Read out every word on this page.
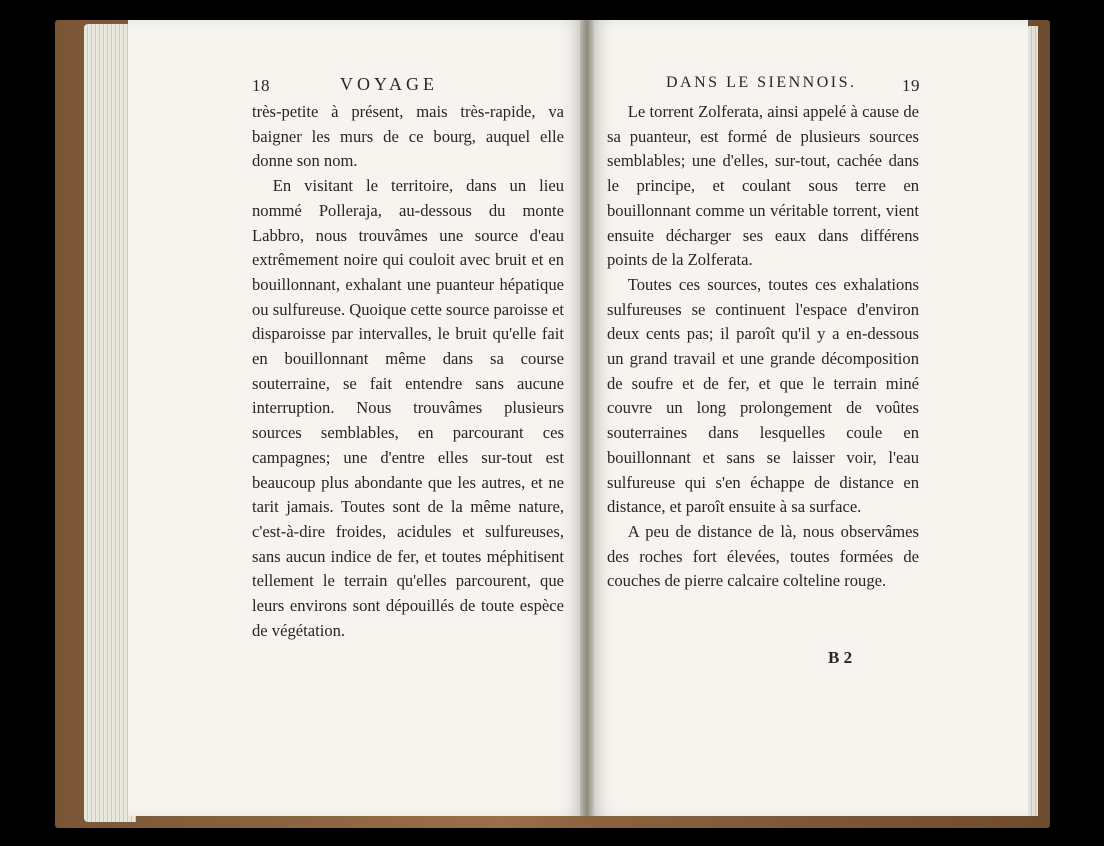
18	VOYAGE

très-petite à présent, mais très-rapide, va baigner les murs de ce bourg, auquel elle donne son nom.

En visitant le territoire, dans un lieu nommé Polleraja, au-dessous du monte Labbro, nous trouvâmes une source d'eau extrêmement noire qui couloit avec bruit et en bouillonnant, exhalant une puanteur hépatique ou sulfureuse. Quoique cette source paroisse et disparoisse par intervalles, le bruit qu'elle fait en bouillonnant même dans sa course souterraine, se fait entendre sans aucune interruption. Nous trouvâmes plusieurs sources semblables, en parcourant ces campagnes; une d'entre elles sur-tout est beaucoup plus abondante que les autres, et ne tarit jamais. Toutes sont de la même nature, c'est-à-dire froides, acidules et sulfureuses, sans aucun indice de fer, et toutes méphitisent tellement le terrain qu'elles parcourent, que leurs environs sont dépouillés de toute espèce de végétation.

DANS LE SIENNOIS.	19

Le torrent Zolferata, ainsi appelé à cause de sa puanteur, est formé de plusieurs sources semblables; une d'elles, sur-tout, cachée dans le principe, et coulant sous terre en bouillonnant comme un véritable torrent, vient ensuite décharger ses eaux dans différens points de la Zolferata.

Toutes ces sources, toutes ces exhalations sulfureuses se continuent l'espace d'environ deux cents pas; il paroît qu'il y a en-dessous un grand travail et une grande décomposition de soufre et de fer, et que le terrain miné couvre un long prolongement de voûtes souterraines dans lesquelles coule en bouillonnant et sans se laisser voir, l'eau sulfureuse qui s'en échappe de distance en distance, et paroît ensuite à sa surface.

A peu de distance de là, nous observâmes des roches fort élevées, toutes formées de couches de pierre calcaire colteline rouge.

B 2
